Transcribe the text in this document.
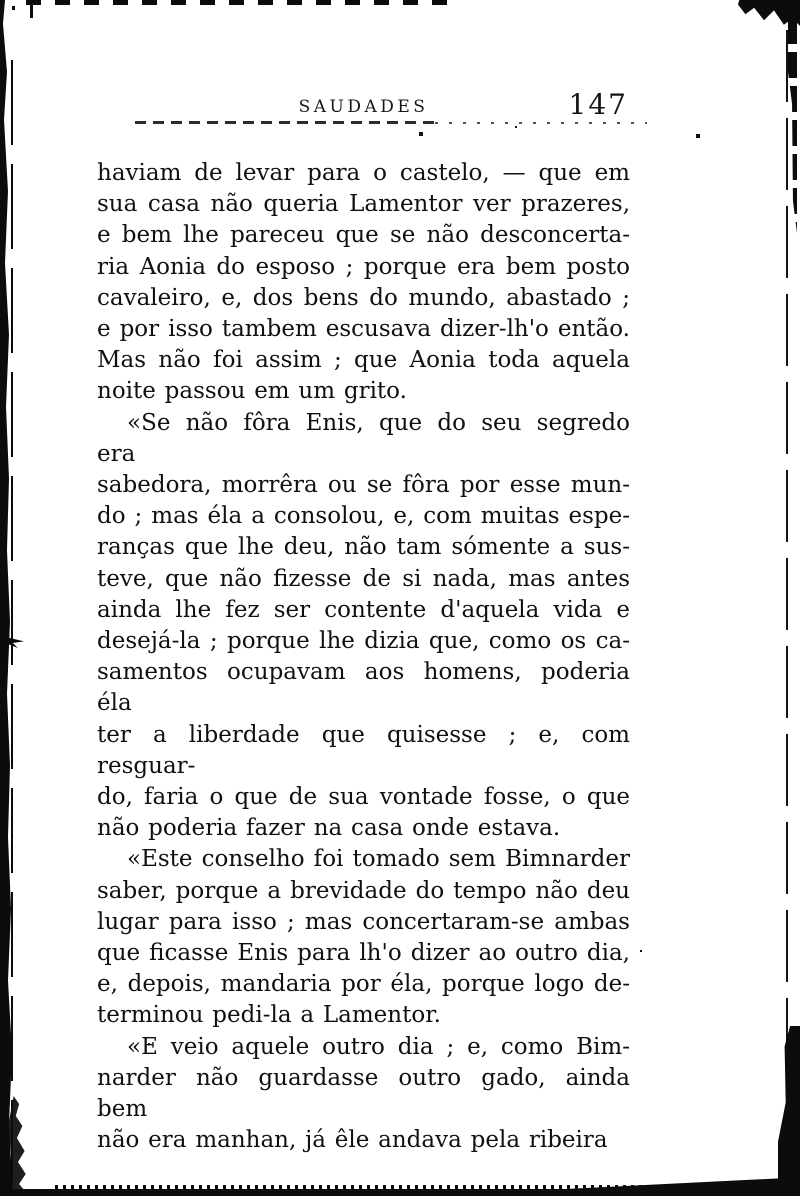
SAUDADES	147
haviam de levar para o castelo, — que em
sua casa não queria Lamentor ver prazeres,
e bem lhe pareceu que se não desconcerta-
ria Aonia do esposo ; porque era bem posto
cavaleiro, e, dos bens do mundo, abastado ;
e por isso tambem escusava dizer-lh'o então.
Mas não foi assim ; que Aonia toda aquela
noite passou em um grito.
«Se não fôra Enis, que do seu segredo era
sabedora, morrêra ou se fôra por esse mun-
do ; mas éla a consolou, e, com muitas espe-
ranças que lhe deu, não tam sómente a sus-
teve, que não fizesse de si nada, mas antes
ainda lhe fez ser contente d'aquela vida e
desejá-la ; porque lhe dizia que, como os ca-
samentos ocupavam aos homens, poderia éla
ter a liberdade que quisesse ; e, com resguar-
do, faria o que de sua vontade fosse, o que
não poderia fazer na casa onde estava.
«Este conselho foi tomado sem Bimnarder
saber, porque a brevidade do tempo não deu
lugar para isso ; mas concertaram-se ambas
que ficasse Enis para lh'o dizer ao outro dia,
e, depois, mandaria por éla, porque logo de-
terminou pedi-la a Lamentor.
«E veio aquele outro dia ; e, como Bim-
narder não guardasse outro gado, ainda bem
não era manhan, já êle andava pela ribeira
